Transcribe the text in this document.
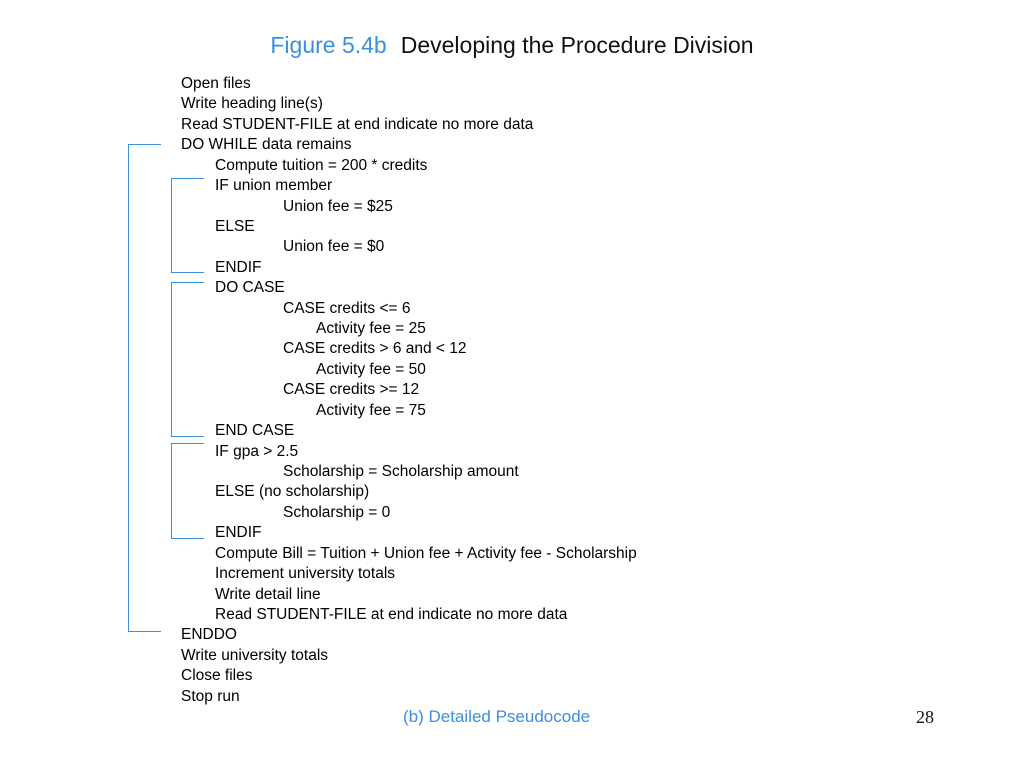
Figure 5.4b Developing the Procedure Division
Open files
Write heading line(s)
Read STUDENT-FILE at end indicate no more data
DO WHILE data remains
Compute tuition = 200 * credits
IF union member
Union fee = $25
ELSE
Union fee = $0
ENDIF
DO CASE
CASE credits <= 6
Activity fee = 25
CASE credits > 6 and < 12
Activity fee = 50
CASE credits >= 12
Activity fee = 75
END CASE
IF gpa > 2.5
Scholarship = Scholarship amount
ELSE (no scholarship)
Scholarship = 0
ENDIF
Compute Bill = Tuition + Union fee + Activity fee - Scholarship
Increment university totals
Write detail line
Read STUDENT-FILE at end indicate no more data
ENDDO
Write university totals
Close files
Stop run
(b) Detailed Pseudocode	28
